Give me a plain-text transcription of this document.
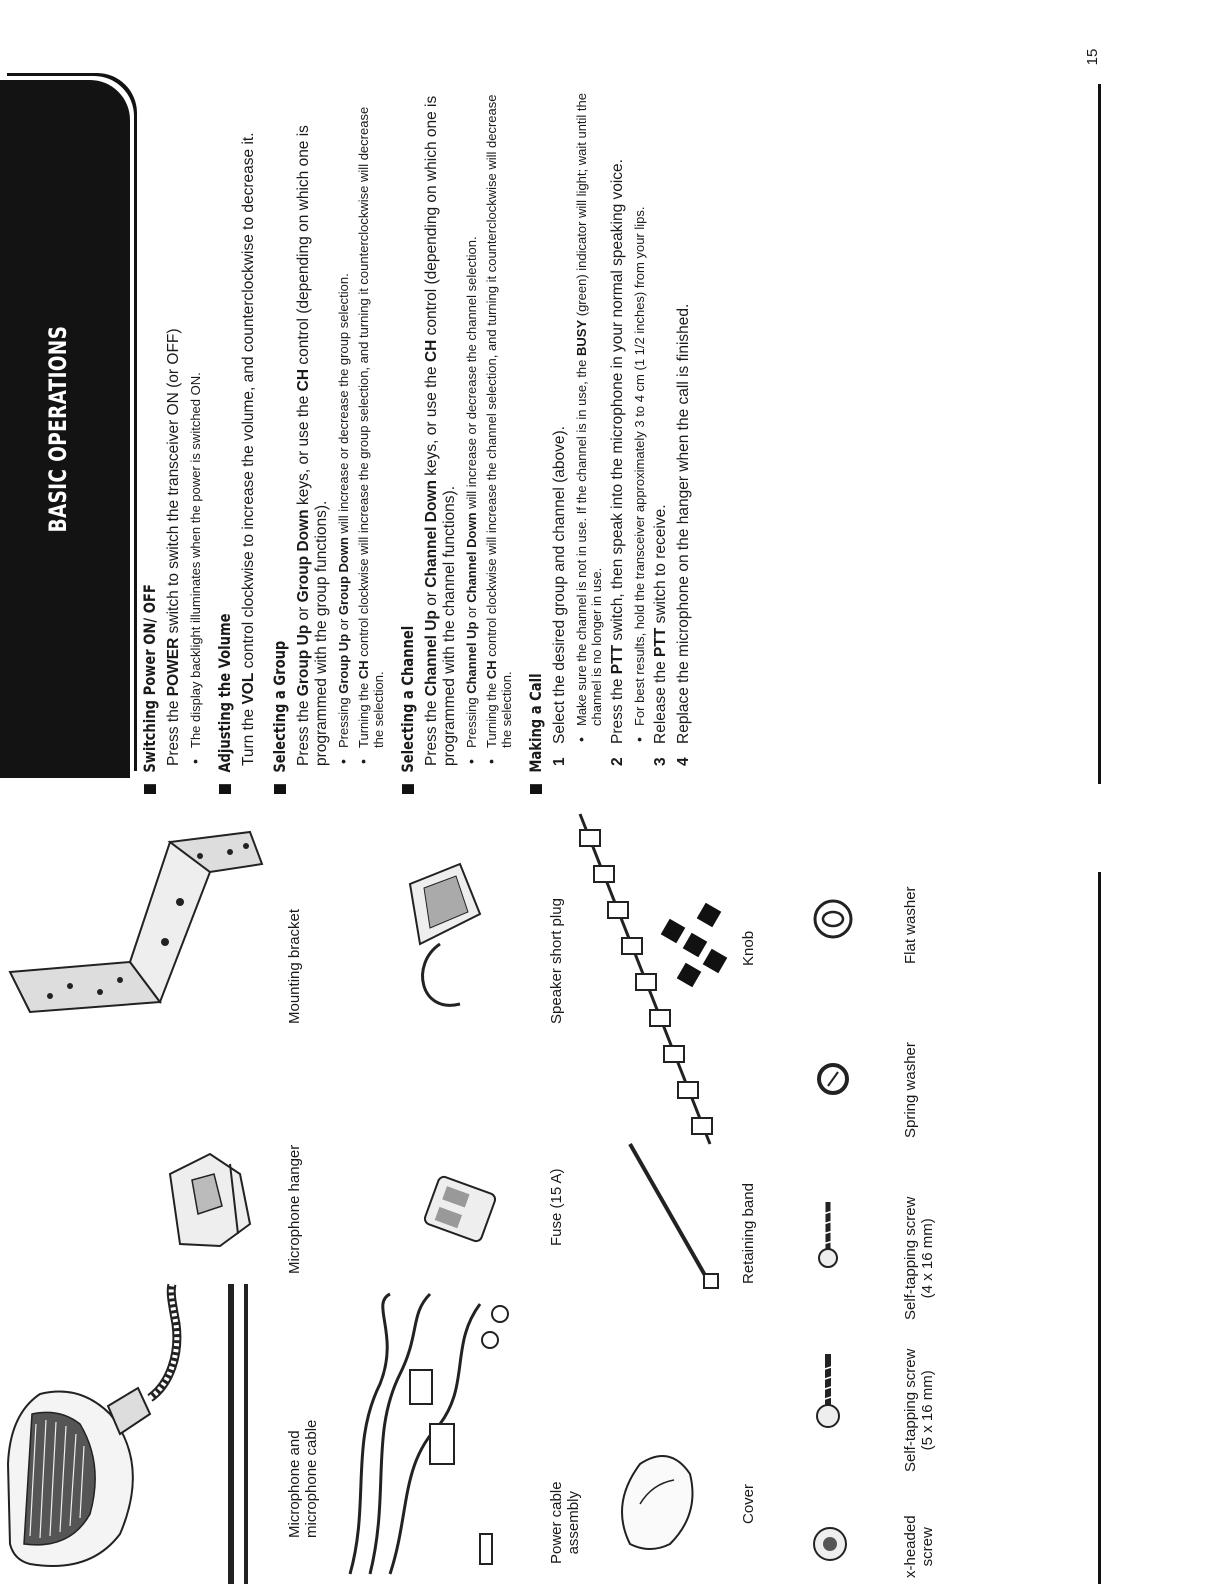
Microphone and
microphone cable
Microphone hanger
Mounting bracket
Power cable
assembly
Fuse (15 A)
Speaker short plug
Cover
Retaining band
Knob
x-headed
screw
Self-tapping screw
(5 x 16 mm)
Self-tapping screw
(4 x 16 mm)
Spring washer
Flat washer
BASIC OPERATIONS
Switching Power ON/ OFF Press the POWER switch to switch the transceiver ON (or OFF) • The display backlight illuminates when the power is switched ON. Adjusting the Volume Turn the VOL control clockwise to increase the volume, and counterclockwise to decrease it.

Selecting a Group Press the Group Up or Group Down keys, or use the CH control (depending on which one is programmed with the group functions). • Pressing Group Up or Group Down will increase or decrease the group selection.
• Turning the CH control clockwise will increase the group selection, and turning it counterclockwise will decrease the selection. Selecting a Channel Press the Channel Up or Channel Down keys, or use the CH control (depending on which one is programmed with the channel functions). • Pressing Channel Up or Channel Down will increase or decrease the channel selection.
• Turning the CH control clockwise will increase the channel selection, and turning it counterclockwise will decrease the selection. Making a Call 1
Select the desired group and channel (above). • Make sure the channel is not in use. If the channel is in use, the BUSY (green) indicator will light; wait until the channel is no longer in use.
2
Press the PTT switch, then speak into the microphone in your normal speaking voice. • For best results, hold the transceiver approximately 3 to 4 cm (1 1/2 inches) from your lips.
3
Release the PTT switch to receive.
4
Replace the microphone on the hanger when the call is finished.
15
